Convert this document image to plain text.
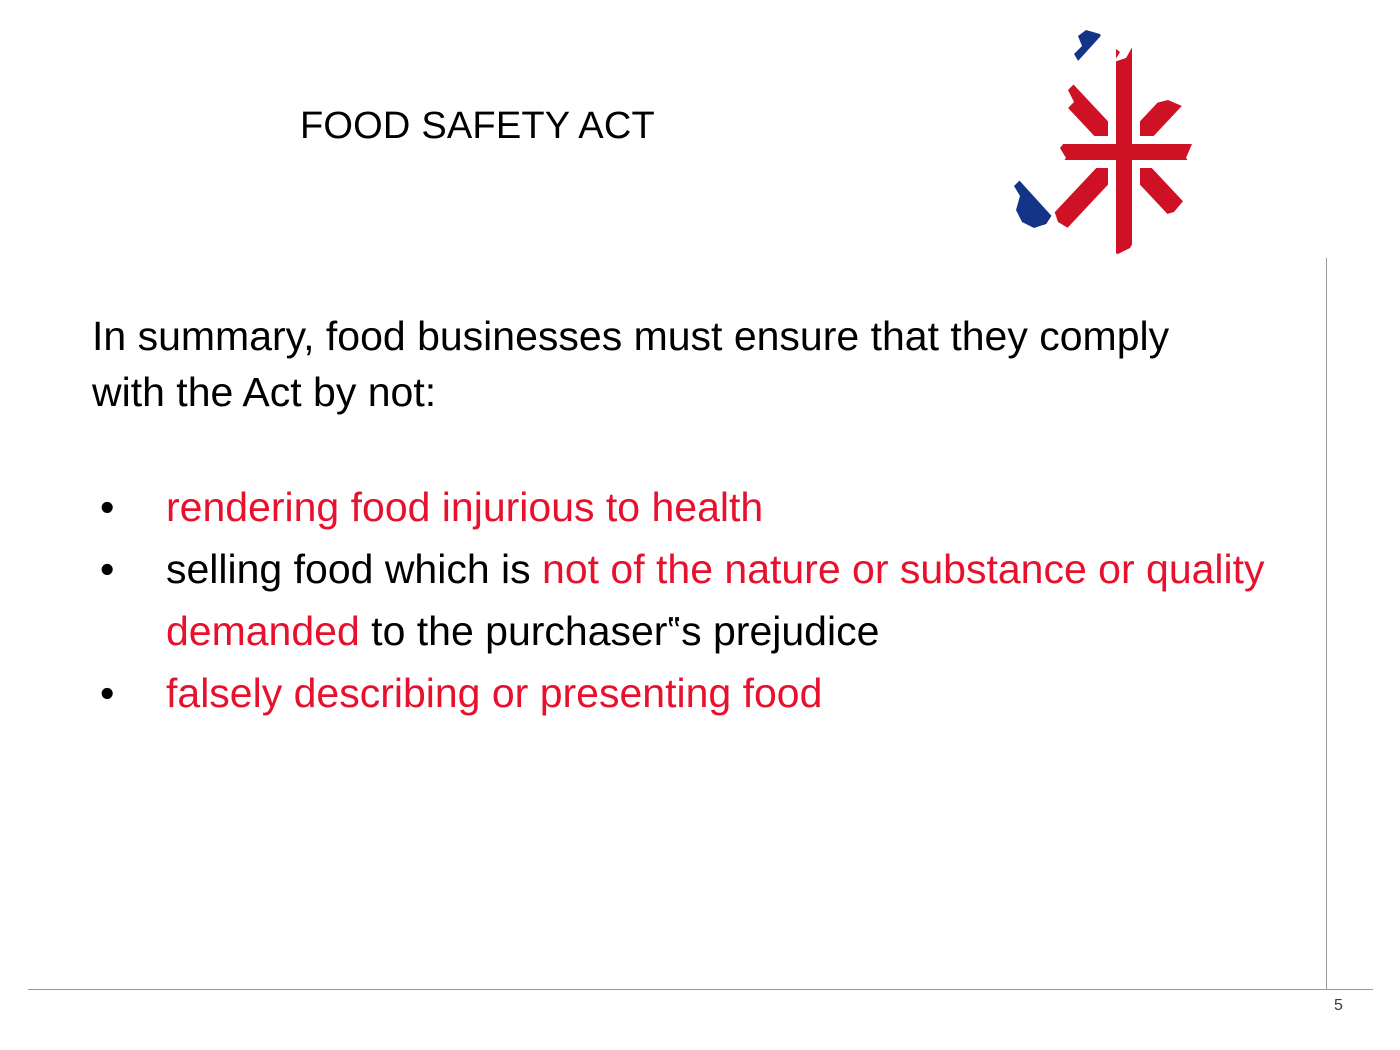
FOOD SAFETY ACT
5
In summary, food businesses must ensure that they comply with the Act by not:
• rendering food injurious to health
• selling food which is not of the nature or substance or quality demanded to the purchaser‟s prejudice
• falsely describing or presenting food
